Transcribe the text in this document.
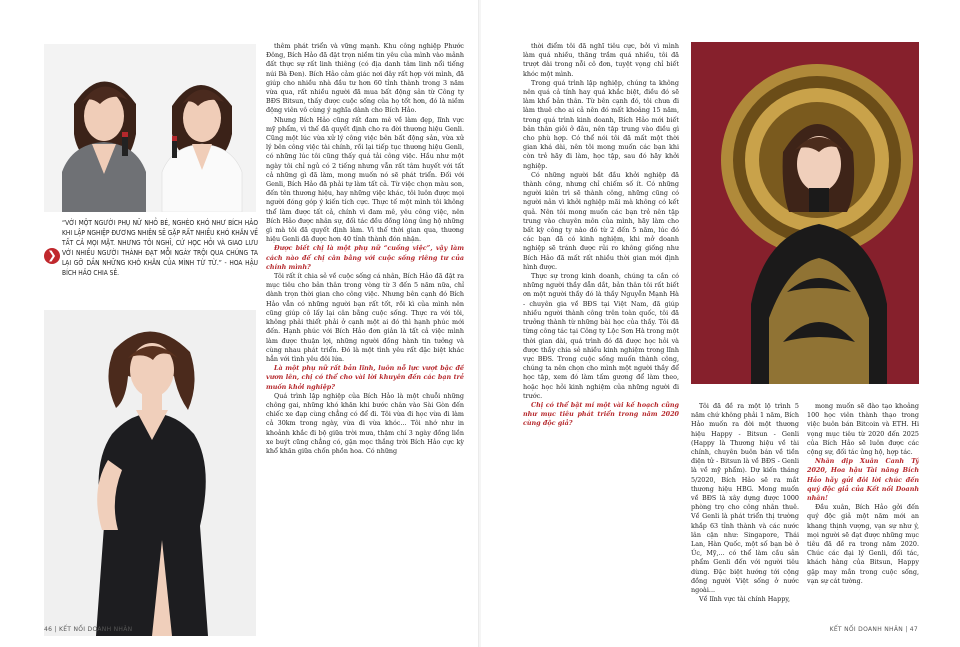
❯
“VỚI MỘT NGƯỜI PHỤ NỮ NHỎ BÉ, NGHÈO KHÓ NHƯ BÍCH HẢO KHI LẬP NGHIỆP ĐƯƠNG NHIÊN SẼ GẶP RẤT NHIỀU KHÓ KHĂN VỀ TẤT CẢ MỌI MẶT. NHƯNG TÔI NGHĨ, CỨ HỌC HỎI VÀ GIAO LƯU VỚI NHIỀU NGƯỜI THÀNH ĐẠT MỖI NGÀY TRỘI QUA CHÚNG TA LẠI GỠ DẦN NHỮNG KHÓ KHĂN CỦA MÌNH TỪ TỪ.” - HOA HẬU BÍCH HẢO CHIA SẺ.

thêm phát triển và vững mạnh. Khu công nghiệp Phước Đông, Bích Hảo đã đặt trọn niềm tin yêu của mình vào mảnh đất thực sự rất linh thiêng (có địa danh tâm linh nổi tiếng núi Bà Đen). Bích Hảo cảm giác nơi đây rất hợp với mình, đã giúp cho nhiều nhà đầu tư hơn 60 tỉnh thành trong 3 năm vừa qua, rất nhiều người đã mua bất động sản từ Công ty BĐS Bitsun, thấy được cuộc sống của họ tốt hơn, đó là niềm động viên vô cùng ý nghĩa dành cho Bích Hảo.

Nhưng Bích Hảo cũng rất đam mê về làm đẹp, lĩnh vực mỹ phẩm, vì thế đã quyết định cho ra đời thương hiệu Genli. Cũng một lúc vừa xử lý công việc bên bất động sản, vừa xử lý bên công việc tài chính, rồi lại tiếp tục thương hiệu Genli, có những lúc tôi cũng thấy quá tải công việc. Hầu như một ngày tôi chỉ ngủ có 2 tiếng nhưng vẫn rất tâm huyết với tất cả những gì đã làm, mong muốn nó sẽ phát triển. Đối với Genli, Bích Hảo đã phải tự làm tất cả. Từ việc chọn màu son, đến tên thương hiệu, hay những việc khác, tôi luôn được mọi người đóng góp ý kiến tích cực. Thực tế một mình tôi không thể làm được tất cả, chính vì đam mê, yêu công việc, nên Bích Hảo được nhân sự, đối tác đều đồng lòng ủng hộ những gì mà tôi đã quyết định làm. Vì thế thời gian qua, thương hiệu Genli đã được hơn 40 tỉnh thành đón nhận.

Được biết chị là một phụ nữ “cuồng việc”, vậy làm cách nào để chị cân bằng với cuộc sống riêng tư của chính mình?

Tôi rất ít chia sẻ về cuộc sống cá nhân, Bích Hảo đã đặt ra mục tiêu cho bản thân trong vòng từ 3 đến 5 năm nữa, chỉ dành trọn thời gian cho công việc. Nhưng bên cạnh đó Bích Hảo vẫn có những người bạn rất tốt, rồi kì của mình nên cũng giúp cô lấy lại cân bằng cuộc sống. Thực ra với tôi, không phải thiết phải ở cạnh một ai đó thì hạnh phúc mới đến. Hạnh phúc với Bích Hảo đơn giản là tất cả việc mình làm được thuận lợi, những người đồng hành tin tưởng và cùng nhau phát triển. Đó là một tình yêu rất đặc biệt khác hẳn với tình yêu đôi lứa.

Là một phụ nữ rất bản lĩnh, luôn nỗ lực vượt bậc để vươn lên, chị có thể cho vài lời khuyên đến các bạn trẻ muốn khởi nghiệp?

Quá trình lập nghiệp của Bích Hảo là một chuỗi những chông gai, những khó khăn khi bước chân vào Sài Gòn đến chiếc xe đạp cùng chẳng có để đi. Tôi vừa đi học vừa đi làm cả 30km trong ngày, vừa đi vừa khóc... Tôi nhớ như in khoảnh khắc đi bộ giữa trời mưa, thậm chí 3 ngày đồng liền xe buýt cũng chẳng có, gặn mọc thắng trời Bích Hảo cực kỳ khổ khăn giữa chốn phồn hoa. Có những

46 | KẾT NỐI DOANH NHÂN

thời điểm tôi đã nghĩ tiêu cực, bởi vì mình làm quá nhiều, thăng trầm quá nhiều, tôi đã trượt dài trong nỗi cô đơn, tuyệt vọng chỉ biết khóc một mình.

Trong quá trình lập nghiệp, chúng ta không nên quá cả tính hay quá khắc biệt, điều đó sẽ làm khổ bản thân. Từ bên cạnh đó, tôi chưa đi làm thuê cho ai cả nên đó mất khoảng 15 năm, trong quá trình kinh doanh, Bích Hảo mới biết bản thân giỏi ở đâu, nên tập trung vào điều gì cho phù hợp. Có thể nói tôi đã mất một thời gian khá dài, nên tôi mong muốn các bạn khi còn trẻ hãy đi làm, học tập, sau đó hãy khởi nghiệp.

Có những người bắt đầu khởi nghiệp đã thành công, nhưng chỉ chiếm số ít. Có những người kiên trì sẽ thành công, những cũng có người nản vì khởi nghiệp mãi mà không có kết quả. Nên tôi mong muốn các bạn trẻ nên tập trung vào chuyên môn của mình, hãy làm cho bất kỳ công ty nào đó từ 2 đến 5 năm, lúc đó các bạn đã có kinh nghiệm, khi mở doanh nghiệp sẽ tránh được rủi ro không giống như Bích Hảo đã mất rất nhiều thời gian mới định hình được.

Thực sự trong kinh doanh, chúng ta cần có những người thầy dẫn dắt, bản thân tôi rất biết ơn một người thầy đó là thầy Nguyễn Mạnh Hà - chuyên gia về BĐS tại Việt Nam, đã giúp nhiều người thành công trên toàn quốc, tôi đã trưởng thành từ những bài học của thầy. Tôi đã từng công tác tại Công ty Lộc Sơn Hà trong một thời gian dài, quá trình đó đã được học hỏi và được thầy chia sẻ nhiều kinh nghiệm trong lĩnh vực BĐS. Trong cuộc sống muốn thành công, chúng ta nên chọn cho mình một người thầy để học tập, xem đó làm tấm gương để làm theo, hoặc học hỏi kinh nghiệm của những người đi trước.

Chị có thể bật mí một vài kế hoạch cũng như mục tiêu phát triển trong năm 2020 cùng độc giả?

Tôi đã đề ra một lộ trình 5 năm chứ không phải 1 năm, Bích Hảo muốn ra đời một thương hiệu Happy - Bitsun - Genli (Happy là Thương hiệu về tài chính, chuyên buôn bán về tiền điện tử - Bitsun là về BĐS - Genli là về mỹ phẩm). Dự kiến tháng 5/2020, Bích Hảo sẽ ra mắt thương hiệu HBG. Mong muốn về BĐS là xây dựng được 1000 phòng trọ cho công nhân thuê. Về Genli là phát triển thị trường khắp 63 tỉnh thành và các nước lân cận như: Singapore, Thái Lan, Hàn Quốc, một số bạn bè ở Úc, Mỹ,... có thể làm cầu sản phẩm Genli đến với người tiêu dùng. Đặc biệt hướng tới cộng đồng người Việt sống ở nước ngoài...

Về lĩnh vực tài chính Happy,

mong muốn sẽ đào tạo khoảng 100 học viên thành thạo trong việc buôn bán Bitcoin và ETH. Hi vọng mục tiêu từ 2020 đến 2025 của Bích Hảo sẽ luôn được các cộng sự, đối tác ủng hộ, hợp tác.

Nhân dịp Xuân Canh Tý 2020, Hoa hậu Tài năng Bích Hảo hãy gửi đôi lời chúc đến quý độc giả của Kết nối Doanh nhân!

Đầu xuân, Bích Hảo gởi đến quý độc giả một năm mới an khang thịnh vượng, vạn sự như ý, mọi người sẽ đạt được những mục tiêu đã đề ra trong năm 2020. Chúc các đại lý Genli, đối tác, khách hàng của Bitsun, Happy gặp may mắn trong cuộc sống, vạn sự cát tường.

KẾT NỐI DOANH NHÂN | 47
